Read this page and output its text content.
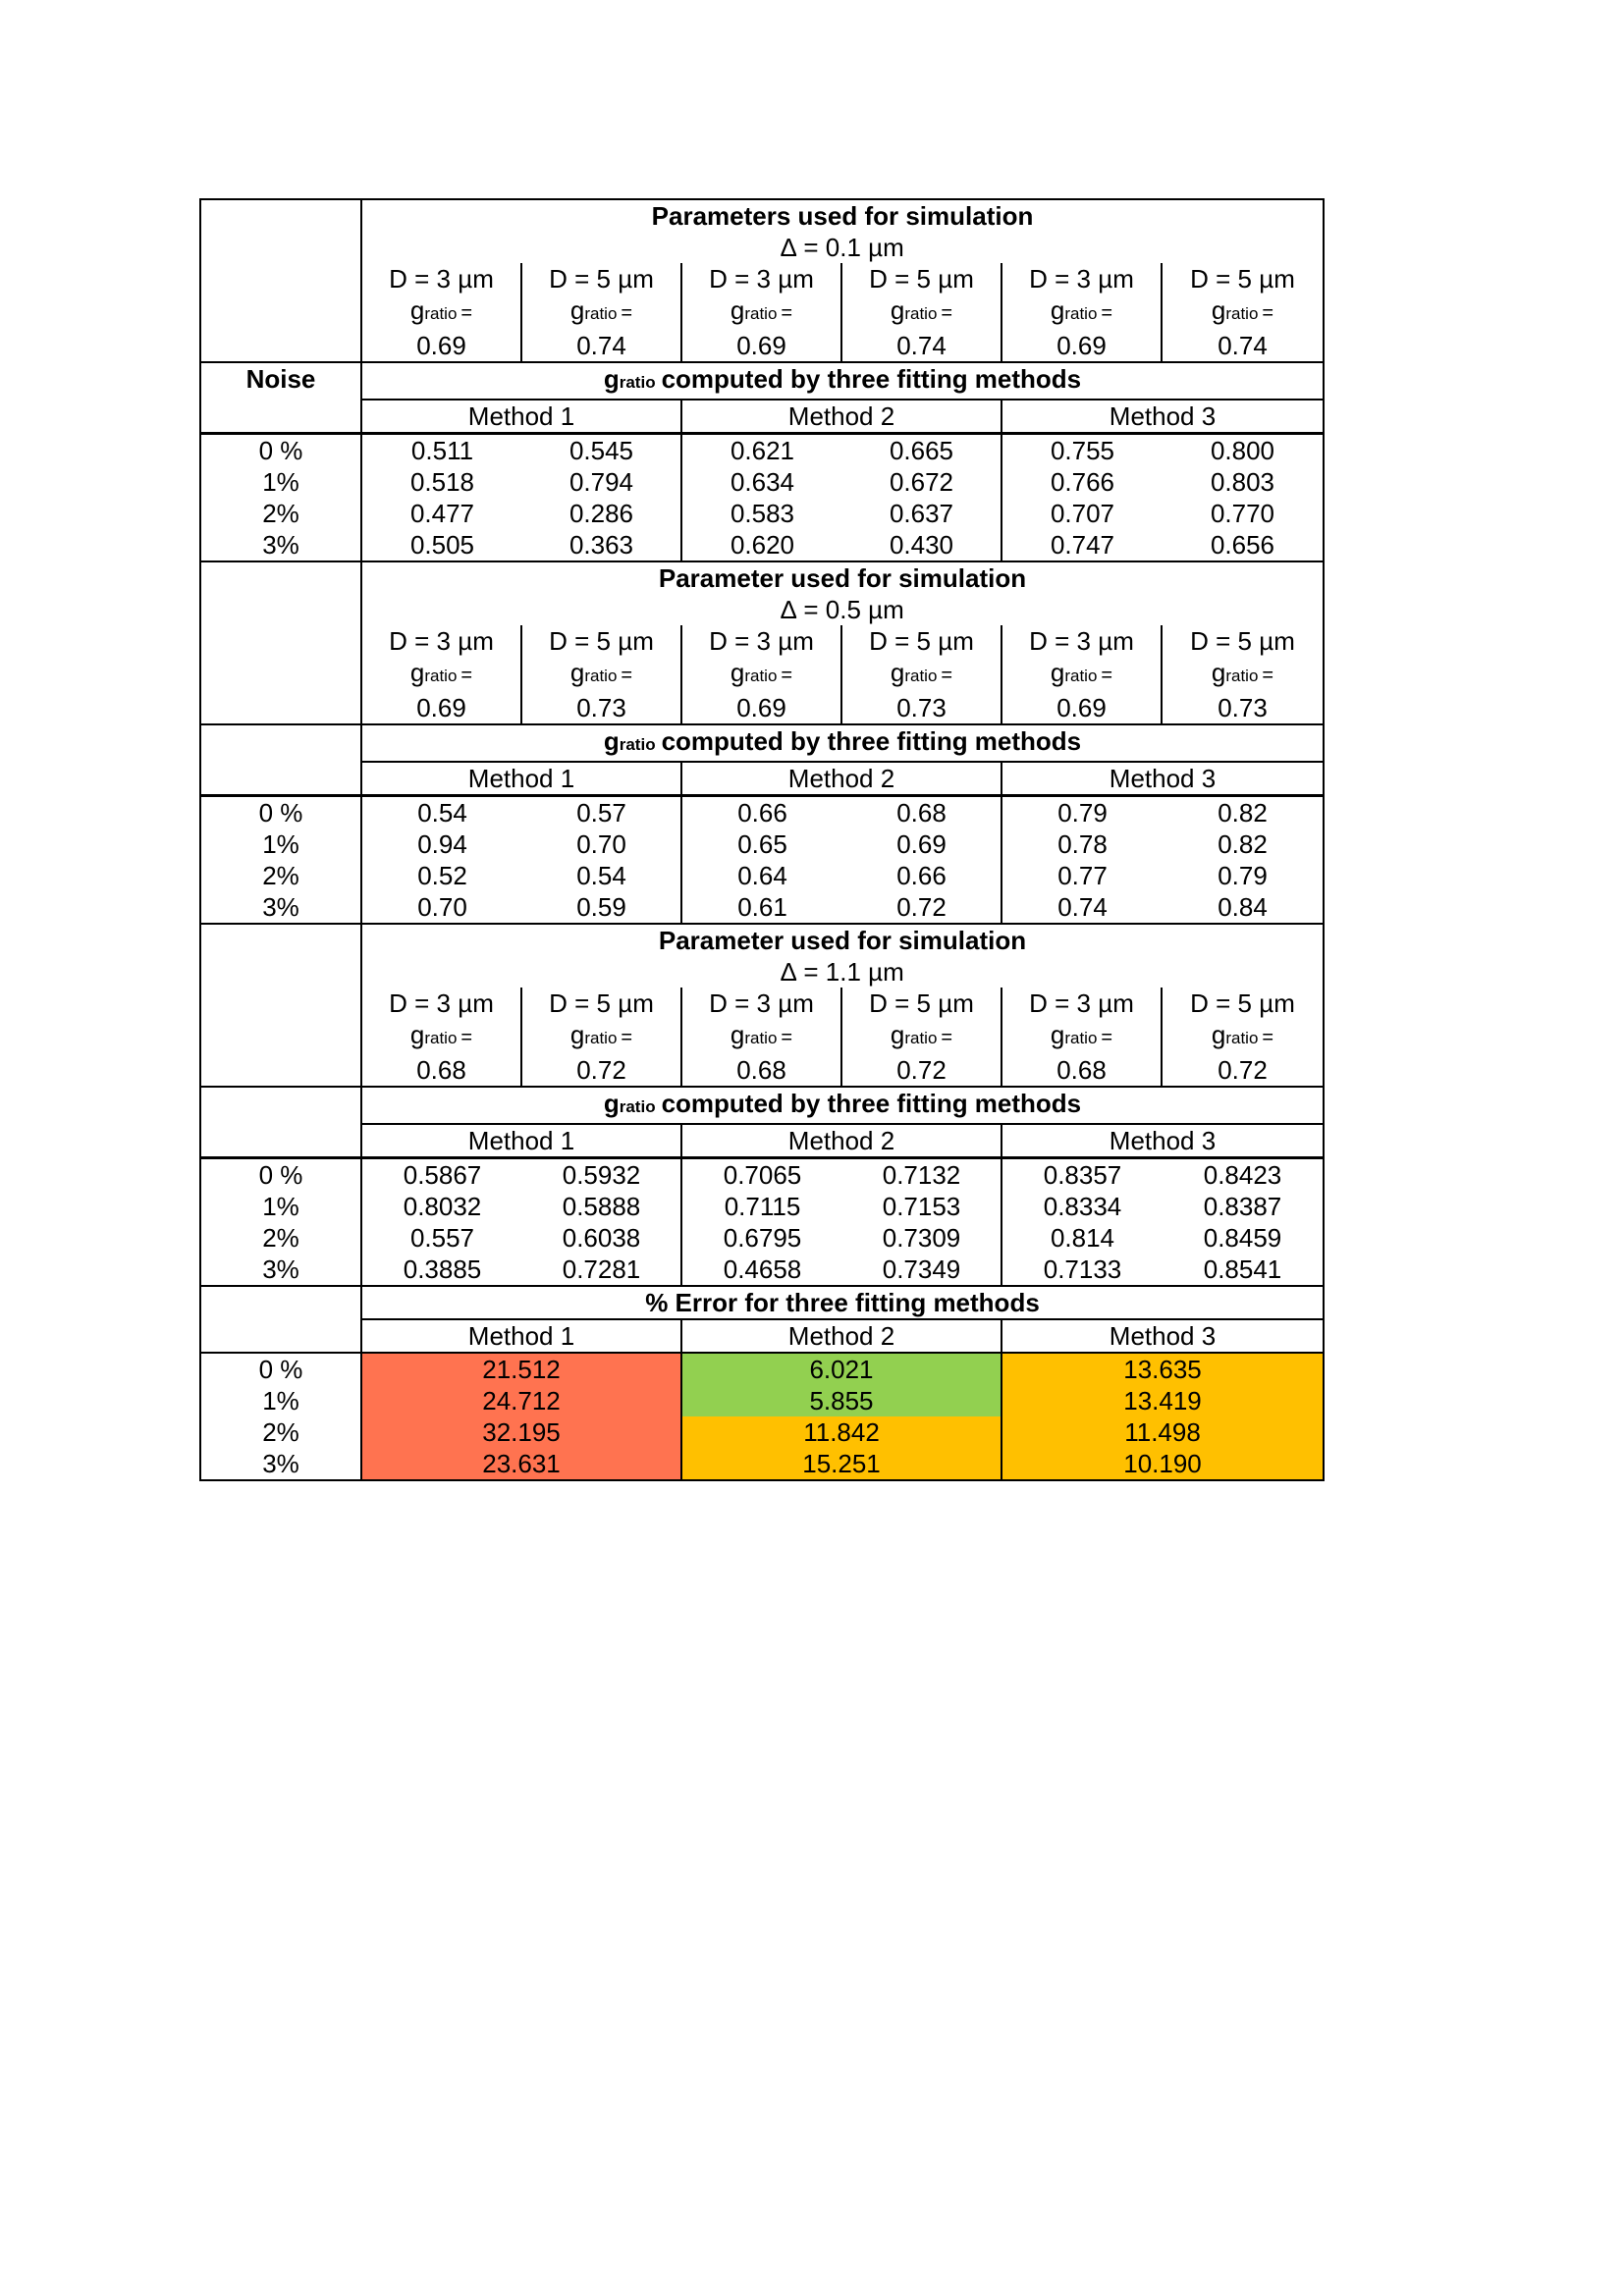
Parameters used for simulation
∆ = 0.1 µm
D = 3 µm	D = 5 µm	D = 3 µm	D = 5 µm	D = 3 µm	D = 5 µm
gratio =	gratio =	gratio =	gratio =	gratio =	gratio =
0.69	0.74	0.69	0.74	0.69	0.74
Noise	gratio computed by three fitting methods
Method 1	Method 2	Method 3
0 %	0.511	0.545	0.621	0.665	0.755	0.800
1%	0.518	0.794	0.634	0.672	0.766	0.803
2%	0.477	0.286	0.583	0.637	0.707	0.770
3%	0.505	0.363	0.620	0.430	0.747	0.656
Parameter used for simulation
∆ = 0.5 µm
D = 3 µm	D = 5 µm	D = 3 µm	D = 5 µm	D = 3 µm	D = 5 µm
gratio =	gratio =	gratio =	gratio =	gratio =	gratio =
0.69	0.73	0.69	0.73	0.69	0.73
gratio computed by three fitting methods
Method 1	Method 2	Method 3
0 %	0.54	0.57	0.66	0.68	0.79	0.82
1%	0.94	0.70	0.65	0.69	0.78	0.82
2%	0.52	0.54	0.64	0.66	0.77	0.79
3%	0.70	0.59	0.61	0.72	0.74	0.84
Parameter used for simulation
∆ = 1.1 µm
D = 3 µm	D = 5 µm	D = 3 µm	D = 5 µm	D = 3 µm	D = 5 µm
gratio =	gratio =	gratio =	gratio =	gratio =	gratio =
0.68	0.72	0.68	0.72	0.68	0.72
gratio computed by three fitting methods
Method 1	Method 2	Method 3
0 %	0.5867	0.5932	0.7065	0.7132	0.8357	0.8423
1%	0.8032	0.5888	0.7115	0.7153	0.8334	0.8387
2%	0.557	0.6038	0.6795	0.7309	0.814	0.8459
3%	0.3885	0.7281	0.4658	0.7349	0.7133	0.8541
% Error for three fitting methods
Method 1	Method 2	Method 3
0 %	21.512	6.021	13.635
1%	24.712	5.855	13.419
2%	32.195	11.842	11.498
3%	23.631	15.251	10.190
